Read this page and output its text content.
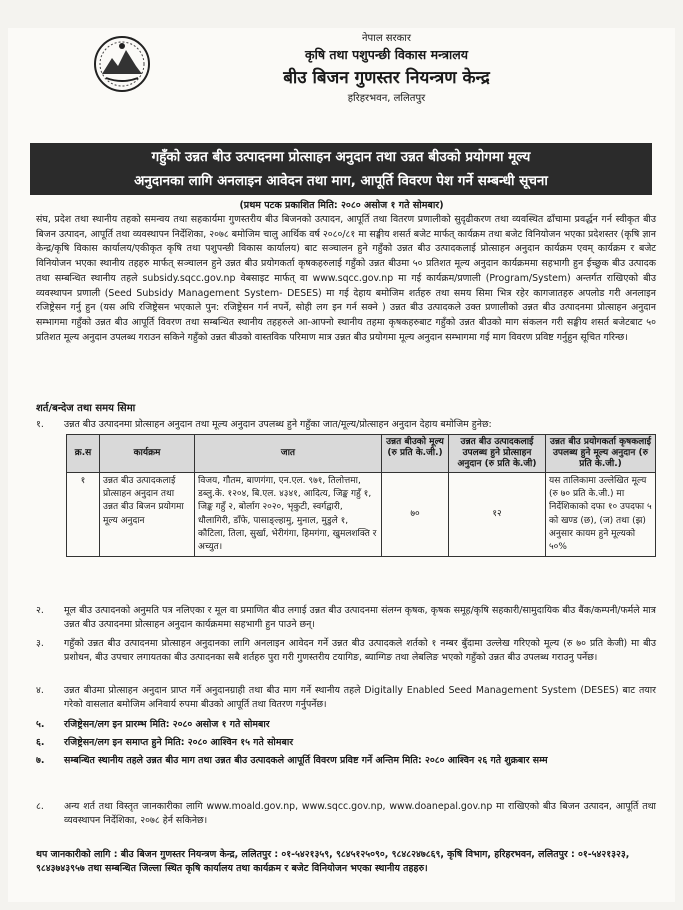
नेपाल सरकार
कृषि तथा पशुपन्छी विकास मन्त्रालय
बीउ बिजन गुणस्तर नियन्त्रण केन्द्र
हरिहरभवन, ललितपुर
गहुँको उन्नत बीउ उत्पादनमा प्रोत्साहन अनुदान तथा उन्नत बीउको प्रयोगमा मूल्य
अनुदानका लागि अनलाइन आवेदन तथा माग, आपूर्ति विवरण पेश गर्ने सम्बन्धी सूचना
(प्रथम पटक प्रकाशित मिति: २०८० असोज १ गते सोमबार)
संघ, प्रदेश तथा स्थानीय तहको समन्वय तथा सहकार्यमा गुणस्तरीय बीउ बिजनको उत्पादन, आपूर्ति तथा वितरण प्रणालीको सुदृढीकरण तथा व्यवस्थित ढाँचामा प्रवर्द्धन गर्न स्वीकृत बीउ बिजन उत्पादन, आपूर्ति तथा व्यवस्थापन निर्देशिका, २०७८ बमोजिम चालु आर्थिक वर्ष २०८०/८१ मा सङ्घीय शसर्त बजेट मार्फत् कार्यक्रम तथा बजेट विनियोजन भएका प्रदेशस्तर (कृषि ज्ञान केन्द्र/कृषि विकास कार्यालय/एकीकृत कृषि तथा पशुपन्छी विकास कार्यालय) बाट सञ्चालन हुने गहुँको उन्नत बीउ उत्पादकलाई प्रोत्साहन अनुदान कार्यक्रम एवम् कार्यक्रम र बजेट विनियोजन भएका स्थानीय तहहरु मार्फत् सञ्चालन हुने उन्नत बीउ प्रयोगकर्ता कृषकहरुलाई गहुँको उन्नत बीउमा ५० प्रतिशत मूल्य अनुदान कार्यक्रममा सहभागी हुन ईच्छुक बीउ उत्पादक तथा सम्बन्धित स्थानीय तहले subsidy.sqcc.gov.np वेबसाइट मार्फत् वा www.sqcc.gov.np मा गई कार्यक्रम/प्रणाली (Program/System) अन्तर्गत राखिएको बीउ व्यवस्थापन प्रणाली (Seed Subsidy Management System- DESES) मा गई देहाय बमोजिम शर्तहरु तथा समय सिमा भित्र रहेर कागजातहरु अपलोड गरी अनलाइन रजिष्ट्रेसन गर्नु हुन (यस अघि रजिष्ट्रेसन भएकाले पुन: रजिष्ट्रेसन गर्न नपर्ने, सोही लग इन गर्न सक्ने ) उन्नत बीउ उत्पादकले उक्त प्रणालीको उन्नत बीउ उत्पादनमा प्रोत्साहन अनुदान सम्भागमा गहुँको उन्नत बीउ आपूर्ति विवरण तथा सम्बन्धित स्थानीय तहहरुले आ-आफ्नो स्थानीय तहमा कृषकहरुबाट गहुँको उन्नत बीउको माग संकलन गरी सङ्घीय शसर्त बजेटबाट ५० प्रतिशत मूल्य अनुदान उपलब्ध गराउन सकिने गहुँको उन्नत बीउको वास्तविक परिमाण मात्र उन्नत बीउ प्रयोगमा मूल्य अनुदान सम्भागमा गई माग विवरण प्रविष्ट गर्नुहुन सूचित गरिन्छ।
शर्त/बन्देज तथा समय सिमा
१. उन्नत बीउ उत्पादनमा प्रोत्साहन अनुदान तथा मूल्य अनुदान उपलब्ध हुने गहुँका जात/मूल्य/प्रोत्साहन अनुदान देहाय बमोजिम हुनेछ:
क्र.स	कार्यक्रम	जात	उन्नत बीउको मूल्य (रु प्रति के.जी.)	उन्नत बीउ उत्पादकलाई उपलब्ध हुने प्रोत्साहन अनुदान (रु प्रति के.जी)	उन्नत बीउ प्रयोगकर्ता कृषकलाई उपलब्ध हुने मूल्य अनुदान (रु प्रति के.जी.)
१	उन्नत बीउ उत्पादकलाई प्रोत्साहन अनुदान तथा उन्नत बीउ बिजन प्रयोगमा मूल्य अनुदान	विजय, गौतम, बाणगंगा, एन.एल. ९७१, तिलोत्तमा, डब्लु.के. १२०४, बि.एल. ४३४१, आदित्य, जिङ्क गहुँ १, जिङ्क गहुँ २, बोर्लाग २०२०, भृकुटी, स्वर्गद्वारी, धौलागिरी, डाँफे, पासाङ्ल्हामु, मुनाल, मुडुले १, कौटिला, तिला, सुर्खा, भेरीगंगा, हिमगंगा, खुमलशक्ति र अच्युत।	७०	१२	यस तालिकामा उल्लेखित मूल्य (रु ७० प्रति के.जी.) मा निर्देशिकाको दफा १० उपदफा ५ को खण्ड (छ), (ज) तथा (झ) अनुसार कायम हुने मूल्यको ५०%
२. मूल बीउ उत्पादनको अनुमति पत्र नलिएका र मूल वा प्रमाणित बीउ लगाई उन्नत बीउ उत्पादनमा संलग्न कृषक, कृषक समूह/कृषि सहकारी/सामुदायिक बीउ बैंक/कम्पनी/फर्मले मात्र उन्नत बीउ उत्पादनमा प्रोत्साहन अनुदान कार्यक्रममा सहभागी हुन पाउने छन्।
३. गहुँको उन्नत बीउ उत्पादनमा प्रोत्साहन अनुदानका लागि अनलाइन आवेदन गर्ने उन्नत बीउ उत्पादकले शर्तको १ नम्बर बुँदामा उल्लेख गरिएको मूल्य (रु ७० प्रति केजी) मा बीउ प्रशोधन, बीउ उपचार लगायतका बीउ उत्पादनका सबै शर्तहरु पुरा गरी गुणस्तरीय टयागिङ, ब्याग्गिङ तथा लेबलिङ भएको गहुँको उन्नत बीउ उपलब्ध गराउनु पर्नेछ।
४. उन्नत बीउमा प्रोत्साहन अनुदान प्राप्त गर्ने अनुदानग्राही तथा बीउ माग गर्ने स्थानीय तहले Digitally Enabled Seed Management System (DESES) बाट तयार गरेको वासलात बमोजिम अनिवार्य रुपमा बीउको आपूर्ति तथा वितरण गर्नुपर्नेछ।
५. रजिष्ट्रेसन/लग इन प्रारम्भ मिति: २०८० असोज १ गते सोमबार
६. रजिष्ट्रेसन/लग इन समाप्त हुने मिति: २०८० आश्विन १५ गते सोमबार
७. सम्बन्धित स्थानीय तहले उन्नत बीउ माग तथा उन्नत बीउ उत्पादकले आपूर्ति विवरण प्रविष्ट गर्ने अन्तिम मिति: २०८० आश्विन २६ गते शुक्रबार सम्म
८. अन्य शर्त तथा विस्तृत जानकारीका लागि www.moald.gov.np, www.sqcc.gov.np, www.doanepal.gov.np मा राखिएको बीउ बिजन उत्पादन, आपूर्ति तथा व्यवस्थापन निर्देशिका, २०७८ हेर्न सकिनेछ।
थप जानकारीको लागि : बीउ बिजन गुणस्तर नियन्त्रण केन्द्र, ललितपुर : ०१-५४२१३५९, ९८४५१२५०९०, ९८४८२४७८६९, कृषि विभाग, हरिहरभवन, ललितपुर : ०१-५४२१३२३, ९८४३७४३९५७ तथा सम्बन्धित जिल्ला स्थित कृषि कार्यालय तथा कार्यक्रम र बजेट विनियोजन भएका स्थानीय तहहरु।
